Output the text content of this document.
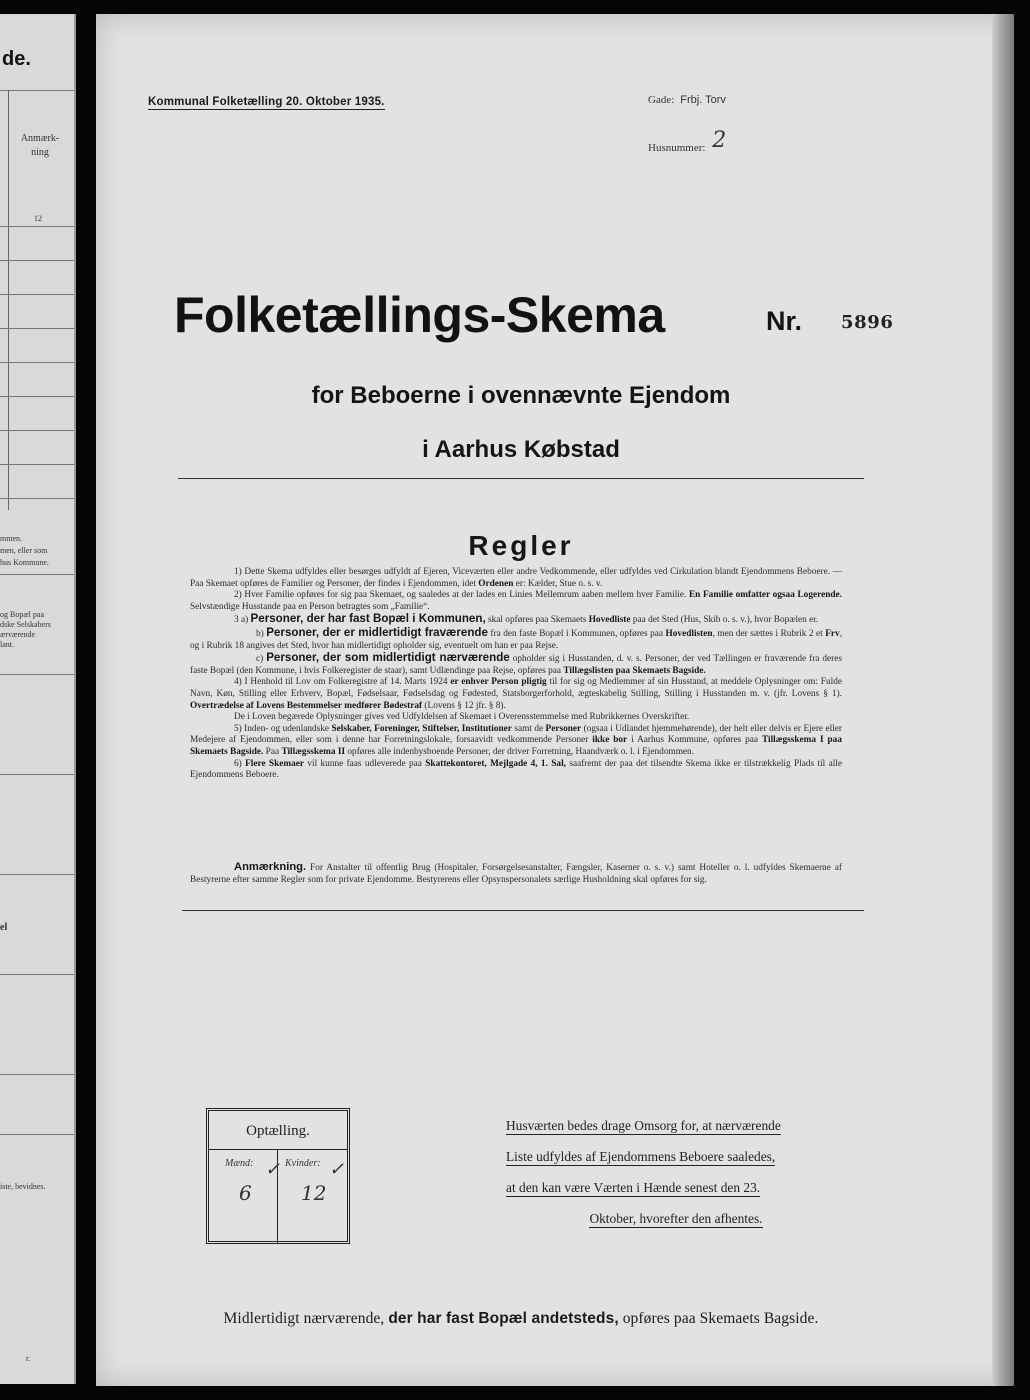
de.
Anmærk-
ning
12
mmen.
men, eller som
hus Kommune.
og Bopæl paa
dske Selskabers
ærværende
lant.
el
iste, bevidnes.
r.
Kommunal Folketælling 20. Oktober 1935.	Gade: Frbj. Torv
Husnummer: 2
Folketællings-Skema	Nr. 5896
for Beboerne i ovennævnte Ejendom
i Aarhus Købstad
Regler

1) Dette Skema udfyldes eller besørges udfyldt af Ejeren, Viceværten eller andre Vedkommende, eller udfyldes ved Cirkulation blandt Ejendommens Beboere. — Paa Skemaet opføres de Familier og Personer, der findes i Ejendommen, idet Ordenen er: Kælder, Stue o. s. v.

2) Hver Familie opføres for sig paa Skemaet, og saaledes at der lades en Linies Mellemrum aaben mellem hver Familie. En Familie omfatter ogsaa Logerende. Selvstændige Husstande paa en Person betragtes som „Familie“.

3 a) Personer, der har fast Bopæl i Kommunen, skal opføres paa Skemaets Hovedliste paa det Sted (Hus, Skib o. s. v.), hvor Bopælen er.

b) Personer, der er midlertidigt fraværende fra den faste Bopæl i Kommunen, opføres paa Hovedlisten, men der sættes i Rubrik 2 et Frv, og i Rubrik 18 angives det Sted, hvor han midlertidigt opholder sig, eventuelt om han er paa Rejse.

c) Personer, der som midlertidigt nærværende opholder sig i Husstanden, d. v. s. Personer, der ved Tællingen er fraværende fra deres faste Bopæl (den Kommune, i hvis Folkeregister de staar), samt Udlændinge paa Rejse, opføres paa Tillægslisten paa Skemaets Bagside.

4) I Henhold til Lov om Folkeregistre af 14. Marts 1924 er enhver Person pligtig til for sig og Medlemmer af sin Husstand, at meddele Oplysninger om: Fulde Navn, Køn, Stilling eller Erhverv, Bopæl, Fødselsaar, Fødselsdag og Fødested, Statsborgerforhold, ægteskabelig Stilling, Stilling i Husstanden m. v. (jfr. Lovens § 1). Overtrædelse af Lovens Bestemmelser medfører Bødestraf (Lovens § 12 jfr. § 8).

De i Loven begærede Oplysninger gives ved Udfyldelsen af Skemaet i Overensstemmelse med Rubrikkernes Overskrifter.

5) Inden- og udenlandske Selskaber, Foreninger, Stiftelser, Institutioner samt de Personer (ogsaa i Udlandet hjemmehørende), der helt eller delvis er Ejere eller Medejere af Ejendommen, eller som i denne har Forretningslokale, forsaavidt vedkommende Personer ikke bor i Aarhus Kommune, opføres paa Tillægsskema I paa Skemaets Bagside. Paa Tillægsskema II opføres alle indenbysboende Personer, der driver Forretning, Haandværk o. l. i Ejendommen.

6) Flere Skemaer vil kunne faas udleverede paa Skattekontoret, Mejlgade 4, 1. Sal, saafremt der paa det tilsendte Skema ikke er tilstrækkelig Plads til alle Ejendommens Beboere.

Anmærkning. For Anstalter til offentlig Brug (Hospitaler, Forsørgelsesanstalter, Fængsler, Kaserner o. s. v.) samt Hoteller o. l. udfyldes Skemaerne af Bestyrerne efter samme Regler som for private Ejendomme. Bestyrerens eller Opsynspersonalets særlige Husholdning skal opføres for sig.
Optælling.
Mænd:	Kvinder:
✓	✓
6 12
Husværten bedes drage Omsorg for, at nærværende
Liste udfyldes af Ejendommens Beboere saaledes,
at den kan være Værten i Hænde senest den 23.
Oktober, hvorefter den afhentes.
Midlertidigt nærværende, der har fast Bopæl andetsteds, opføres paa Skemaets Bagside.
